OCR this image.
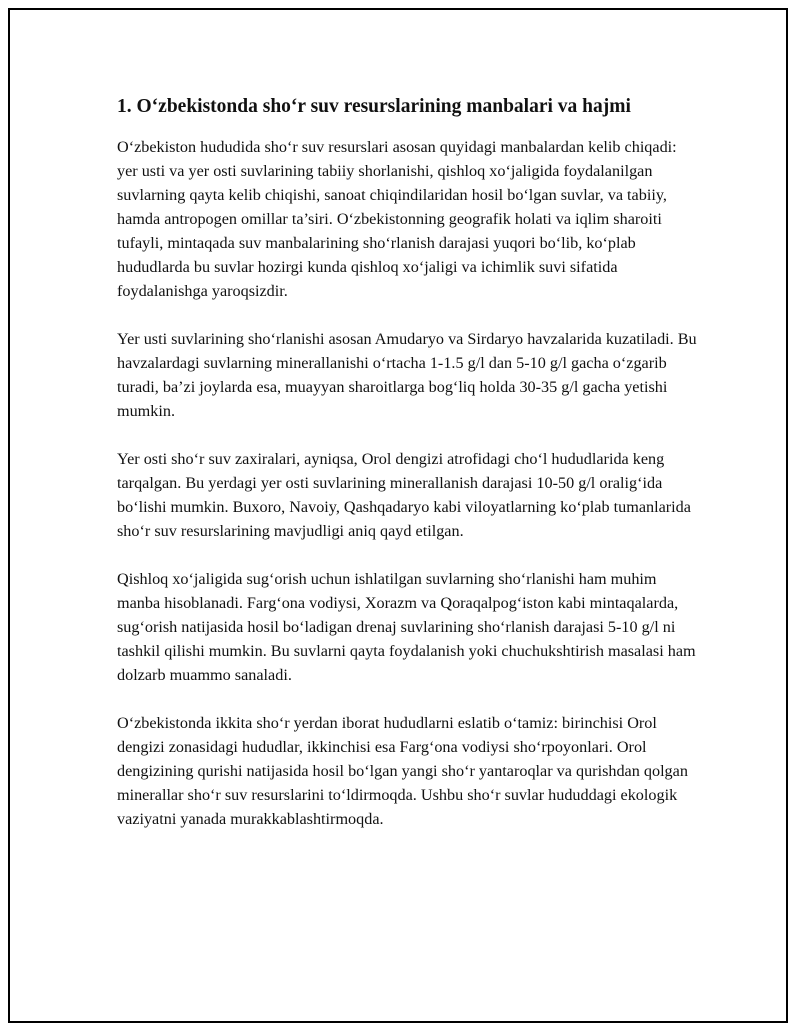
1. O‘zbekistonda sho‘r suv resurslarining manbalari va hajmi

O‘zbekiston hududida sho‘r suv resurslari asosan quyidagi manbalardan kelib chiqadi: yer usti va yer osti suvlarining tabiiy shorlanishi, qishloq xo‘jaligida foydalanilgan suvlarning qayta kelib chiqishi, sanoat chiqindilaridan hosil bo‘lgan suvlar, va tabiiy, hamda antropogen omillar ta’siri. O‘zbekistonning geografik holati va iqlim sharoiti tufayli, mintaqada suv manbalarining sho‘rlanish darajasi yuqori bo‘lib, ko‘plab hududlarda bu suvlar hozirgi kunda qishloq xo‘jaligi va ichimlik suvi sifatida foydalanishga yaroqsizdir.

Yer usti suvlarining sho‘rlanishi asosan Amudaryo va Sirdaryo havzalarida kuzatiladi. Bu havzalardagi suvlarning minerallanishi o‘rtacha 1-1.5 g/l dan 5-10 g/l gacha o‘zgarib turadi, ba’zi joylarda esa, muayyan sharoitlarga bog‘liq holda 30-35 g/l gacha yetishi mumkin.

Yer osti sho‘r suv zaxiralari, ayniqsa, Orol dengizi atrofidagi cho‘l hududlarida keng tarqalgan. Bu yerdagi yer osti suvlarining minerallanish darajasi 10-50 g/l oralig‘ida bo‘lishi mumkin. Buxoro, Navoiy, Qashqadaryo kabi viloyatlarning ko‘plab tumanlarida sho‘r suv resurslarining mavjudligi aniq qayd etilgan.

Qishloq xo‘jaligida sug‘orish uchun ishlatilgan suvlarning sho‘rlanishi ham muhim manba hisoblanadi. Farg‘ona vodiysi, Xorazm va Qoraqalpog‘iston kabi mintaqalarda, sug‘orish natijasida hosil bo‘ladigan drenaj suvlarining sho‘rlanish darajasi 5-10 g/l ni tashkil qilishi mumkin. Bu suvlarni qayta foydalanish yoki chuchukshtirish masalasi ham dolzarb muammo sanaladi.

O‘zbekistonda ikkita sho‘r yerdan iborat hududlarni eslatib o‘tamiz: birinchisi Orol dengizi zonasidagi hududlar, ikkinchisi esa Farg‘ona vodiysi sho‘rpoyonlari. Orol dengizining qurishi natijasida hosil bo‘lgan yangi sho‘r yantaroqlar va qurishdan qolgan minerallar sho‘r suv resurslarini to‘ldirmoqda. Ushbu sho‘r suvlar hududdagi ekologik vaziyatni yanada murakkablashtirmoqda.
